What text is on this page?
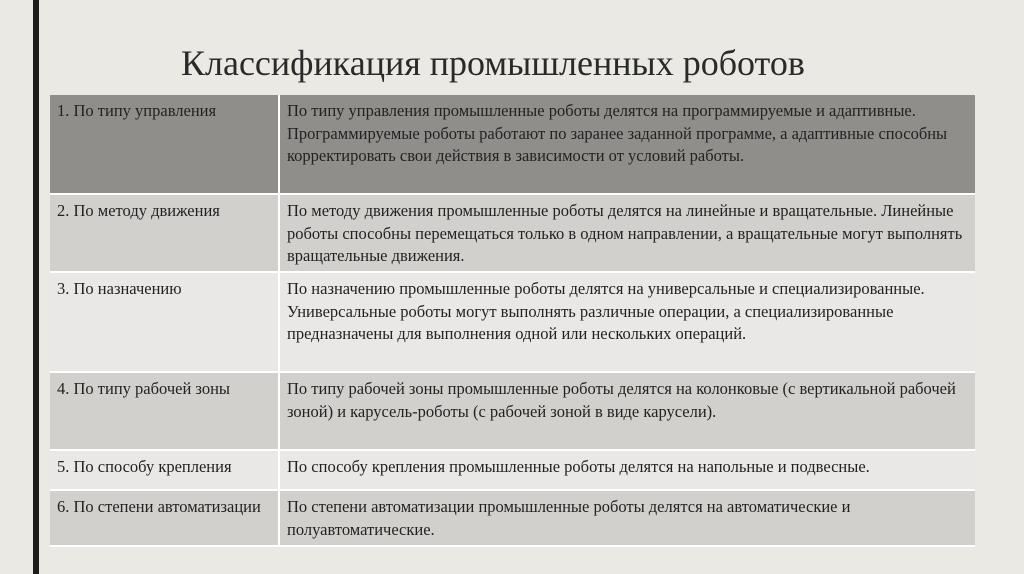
Классификация промышленных роботов
1. По типу управления	По типу управления промышленные роботы делятся на программируемые и адаптивные. Программируемые роботы работают по заранее заданной программе, а адаптивные способны корректировать свои действия в зависимости от условий работы.
2. По методу движения	По методу движения промышленные роботы делятся на линейные и вращательные. Линейные роботы способны перемещаться только в одном направлении, а вращательные могут выполнять вращательные движения.
3. По назначению	По назначению промышленные роботы делятся на универсальные и специализированные. Универсальные роботы могут выполнять различные операции, а специализированные предназначены для выполнения одной или нескольких операций.
4. По типу рабочей зоны	По типу рабочей зоны промышленные роботы делятся на колонковые (с вертикальной рабочей зоной) и карусель-роботы (с рабочей зоной в виде карусели).
5. По способу крепления	По способу крепления промышленные роботы делятся на напольные и подвесные.
6. По степени автоматизации	По степени автоматизации промышленные роботы делятся на автоматические и полуавтоматические.
